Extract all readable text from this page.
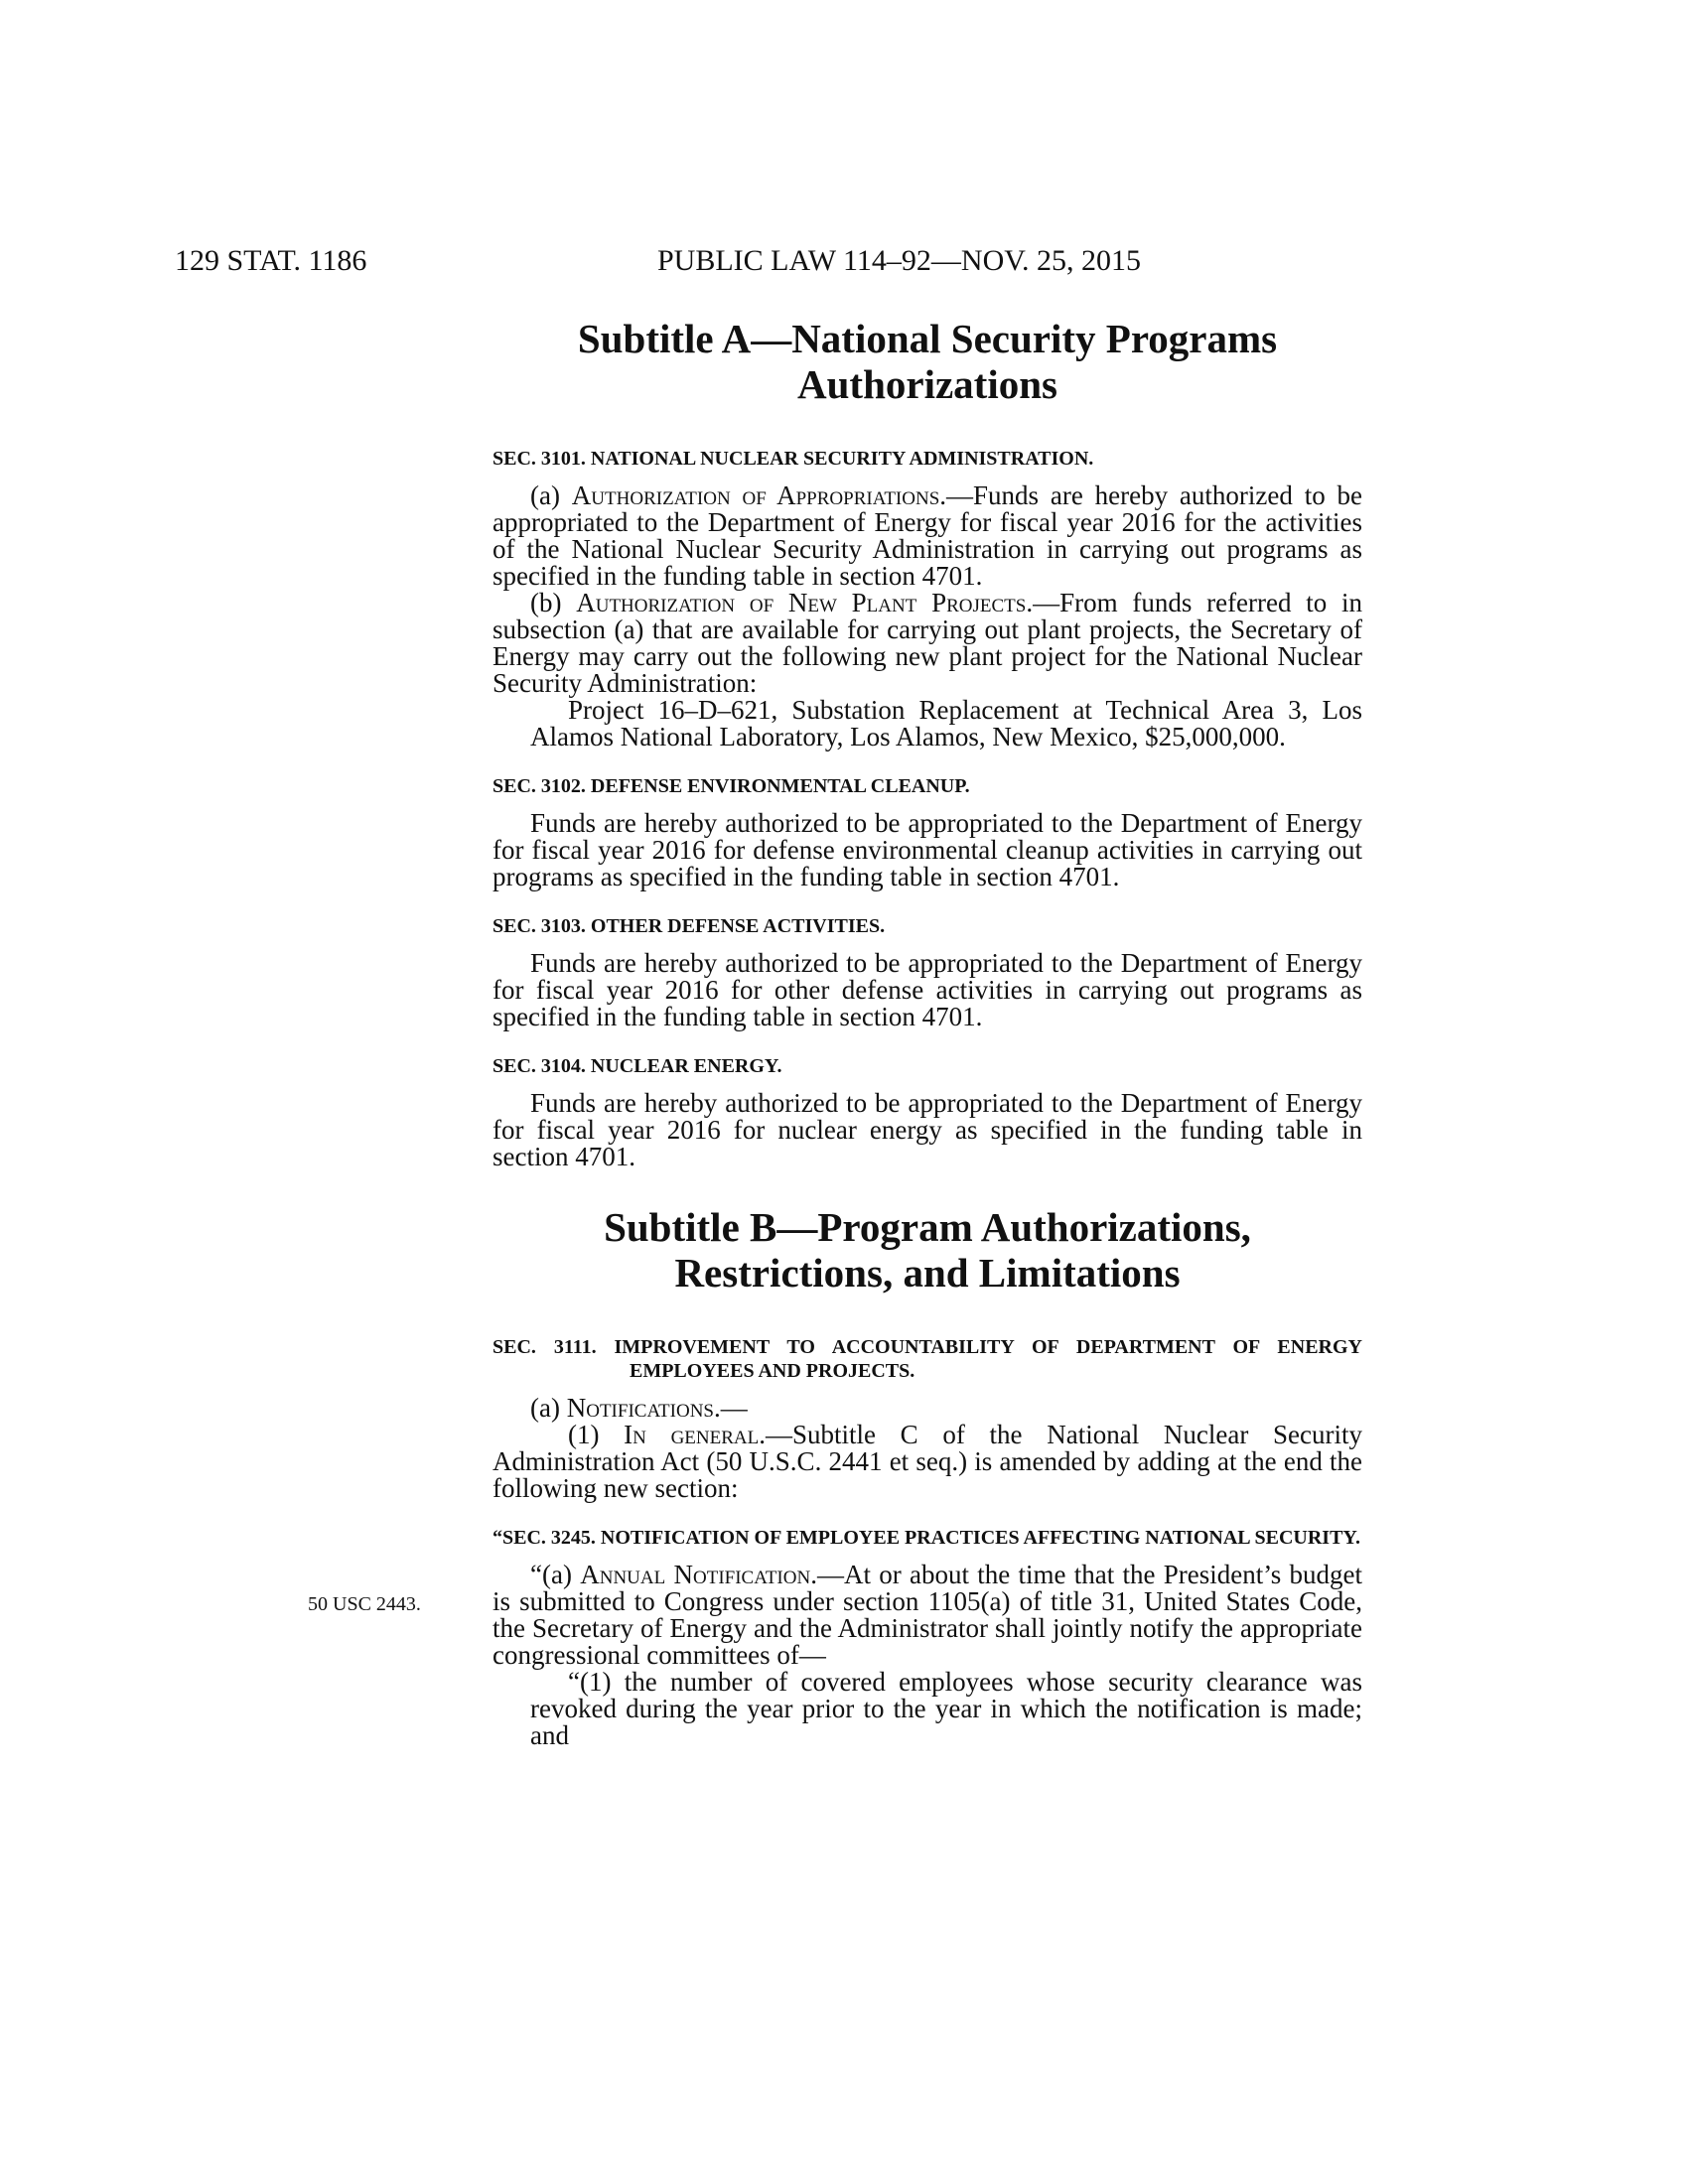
129 STAT. 1186	PUBLIC LAW 114–92—NOV. 25, 2015
50 USC 2443.
Subtitle A—National Security Programs
Authorizations
SEC. 3101. NATIONAL NUCLEAR SECURITY ADMINISTRATION.

(a) Authorization of Appropriations.—Funds are hereby authorized to be appropriated to the Department of Energy for fiscal year 2016 for the activities of the National Nuclear Security Administration in carrying out programs as specified in the funding table in section 4701.

(b) Authorization of New Plant Projects.—From funds referred to in subsection (a) that are available for carrying out plant projects, the Secretary of Energy may carry out the following new plant project for the National Nuclear Security Administration:

Project 16–D–621, Substation Replacement at Technical Area 3, Los Alamos National Laboratory, Los Alamos, New Mexico, $25,000,000.

SEC. 3102. DEFENSE ENVIRONMENTAL CLEANUP.

Funds are hereby authorized to be appropriated to the Department of Energy for fiscal year 2016 for defense environmental cleanup activities in carrying out programs as specified in the funding table in section 4701.

SEC. 3103. OTHER DEFENSE ACTIVITIES.

Funds are hereby authorized to be appropriated to the Department of Energy for fiscal year 2016 for other defense activities in carrying out programs as specified in the funding table in section 4701.

SEC. 3104. NUCLEAR ENERGY.

Funds are hereby authorized to be appropriated to the Department of Energy for fiscal year 2016 for nuclear energy as specified in the funding table in section 4701.

Subtitle B—Program Authorizations,
Restrictions, and Limitations
SEC. 3111. IMPROVEMENT TO ACCOUNTABILITY OF DEPARTMENT OF ENERGY EMPLOYEES AND PROJECTS.

(a) Notifications.—

(1) In general.—Subtitle C of the National Nuclear Security Administration Act (50 U.S.C. 2441 et seq.) is amended by adding at the end the following new section:

“SEC. 3245. NOTIFICATION OF EMPLOYEE PRACTICES AFFECTING NATIONAL SECURITY.

“(a) Annual Notification.—At or about the time that the President’s budget is submitted to Congress under section 1105(a) of title 31, United States Code, the Secretary of Energy and the Administrator shall jointly notify the appropriate congressional committees of—

“(1) the number of covered employees whose security clearance was revoked during the year prior to the year in which the notification is made; and
